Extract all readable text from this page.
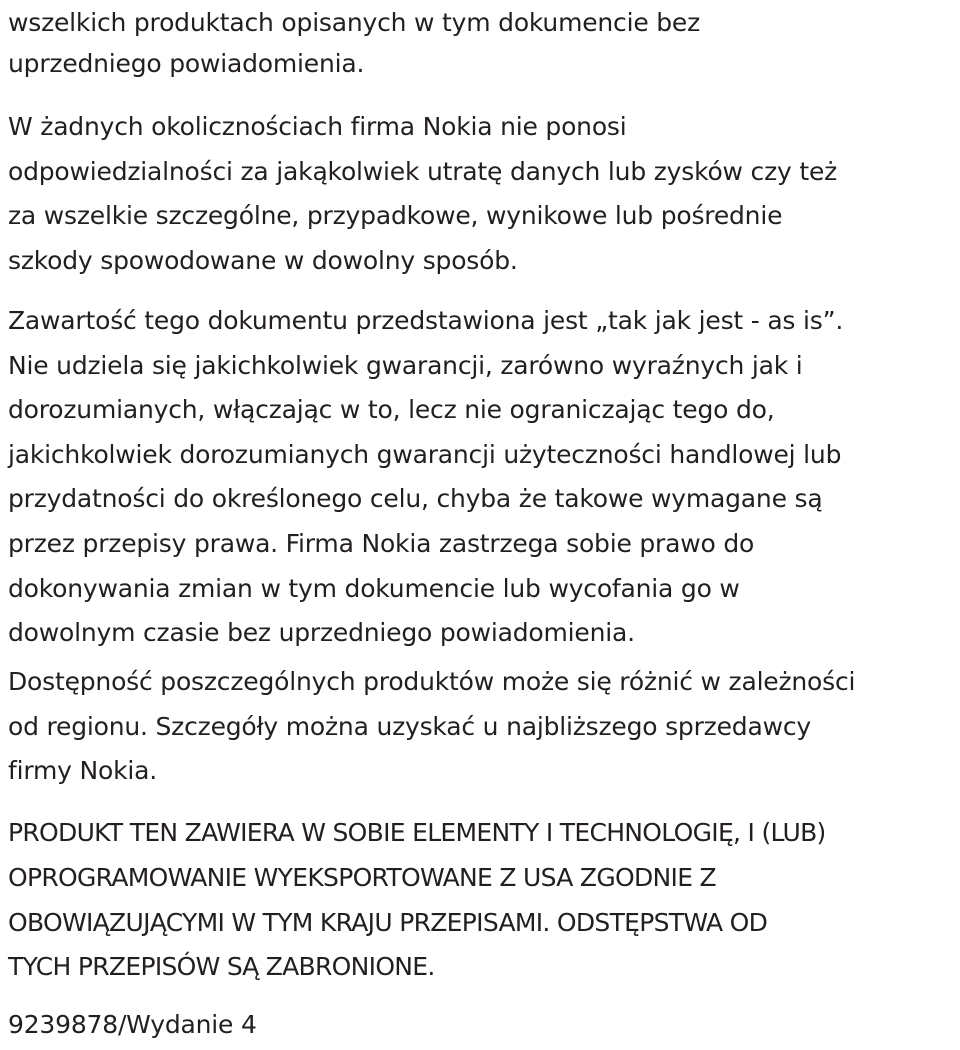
wszelkich produktach opisanych w tym dokumencie bez
uprzedniego powiadomienia.

W żadnych okolicznościach firma Nokia nie ponosi
odpowiedzialności za jakąkolwiek utratę danych lub zysków czy też
za wszelkie szczególne, przypadkowe, wynikowe lub pośrednie
szkody spowodowane w dowolny sposób.

Zawartość tego dokumentu przedstawiona jest „tak jak jest - as is”.
Nie udziela się jakichkolwiek gwarancji, zarówno wyraźnych jak i
dorozumianych, włączając w to, lecz nie ograniczając tego do,
jakichkolwiek dorozumianych gwarancji użyteczności handlowej lub
przydatności do określonego celu, chyba że takowe wymagane są
przez przepisy prawa. Firma Nokia zastrzega sobie prawo do
dokonywania zmian w tym dokumencie lub wycofania go w
dowolnym czasie bez uprzedniego powiadomienia.

Dostępność poszczególnych produktów może się różnić w zależności
od regionu. Szczegóły można uzyskać u najbliższego sprzedawcy
firmy Nokia.

PRODUKT TEN ZAWIERA W SOBIE ELEMENTY I TECHNOLOGIĘ, I (LUB)
OPROGRAMOWANIE WYEKSPORTOWANE Z USA ZGODNIE Z
OBOWIĄZUJĄCYMI W TYM KRAJU PRZEPISAMI. ODSTĘPSTWA OD
TYCH PRZEPISÓW SĄ ZABRONIONE.

9239878/Wydanie 4
